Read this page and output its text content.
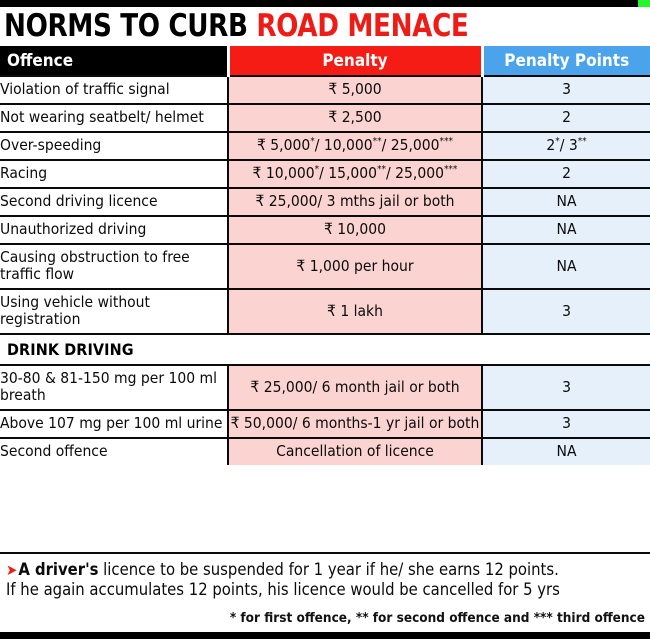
NORMS TO CURB ROAD MENACE
Offence	Penalty	Penalty Points
Violation of traffic signal	₹ 5,000	3
Not wearing seatbelt/ helmet	₹ 2,500	2
Over-speeding	₹ 5,000*/ 10,000**/ 25,000***	2*/ 3**
Racing	₹ 10,000*/ 15,000**/ 25,000***	2
Second driving licence	₹ 25,000/ 3 mths jail or both	NA
Unauthorized driving	₹ 10,000	NA
Causing obstruction to free traffic flow	₹ 1,000 per hour	NA
Using vehicle without registration	₹ 1 lakh	3
DRINK DRIVING		
30-80 & 81-150 mg per 100 ml breath	₹ 25,000/ 6 month jail or both	3
Above 107 mg per 100 ml urine	₹ 50,000/ 6 months-1 yr jail or both	3
Second offence	Cancellation of licence	NA
➤ A driver's licence to be suspended for 1 year if he/ she earns 12 points.
If he again accumulates 12 points, his licence would be cancelled for 5 yrs
* for first offence, ** for second offence and *** third offence
